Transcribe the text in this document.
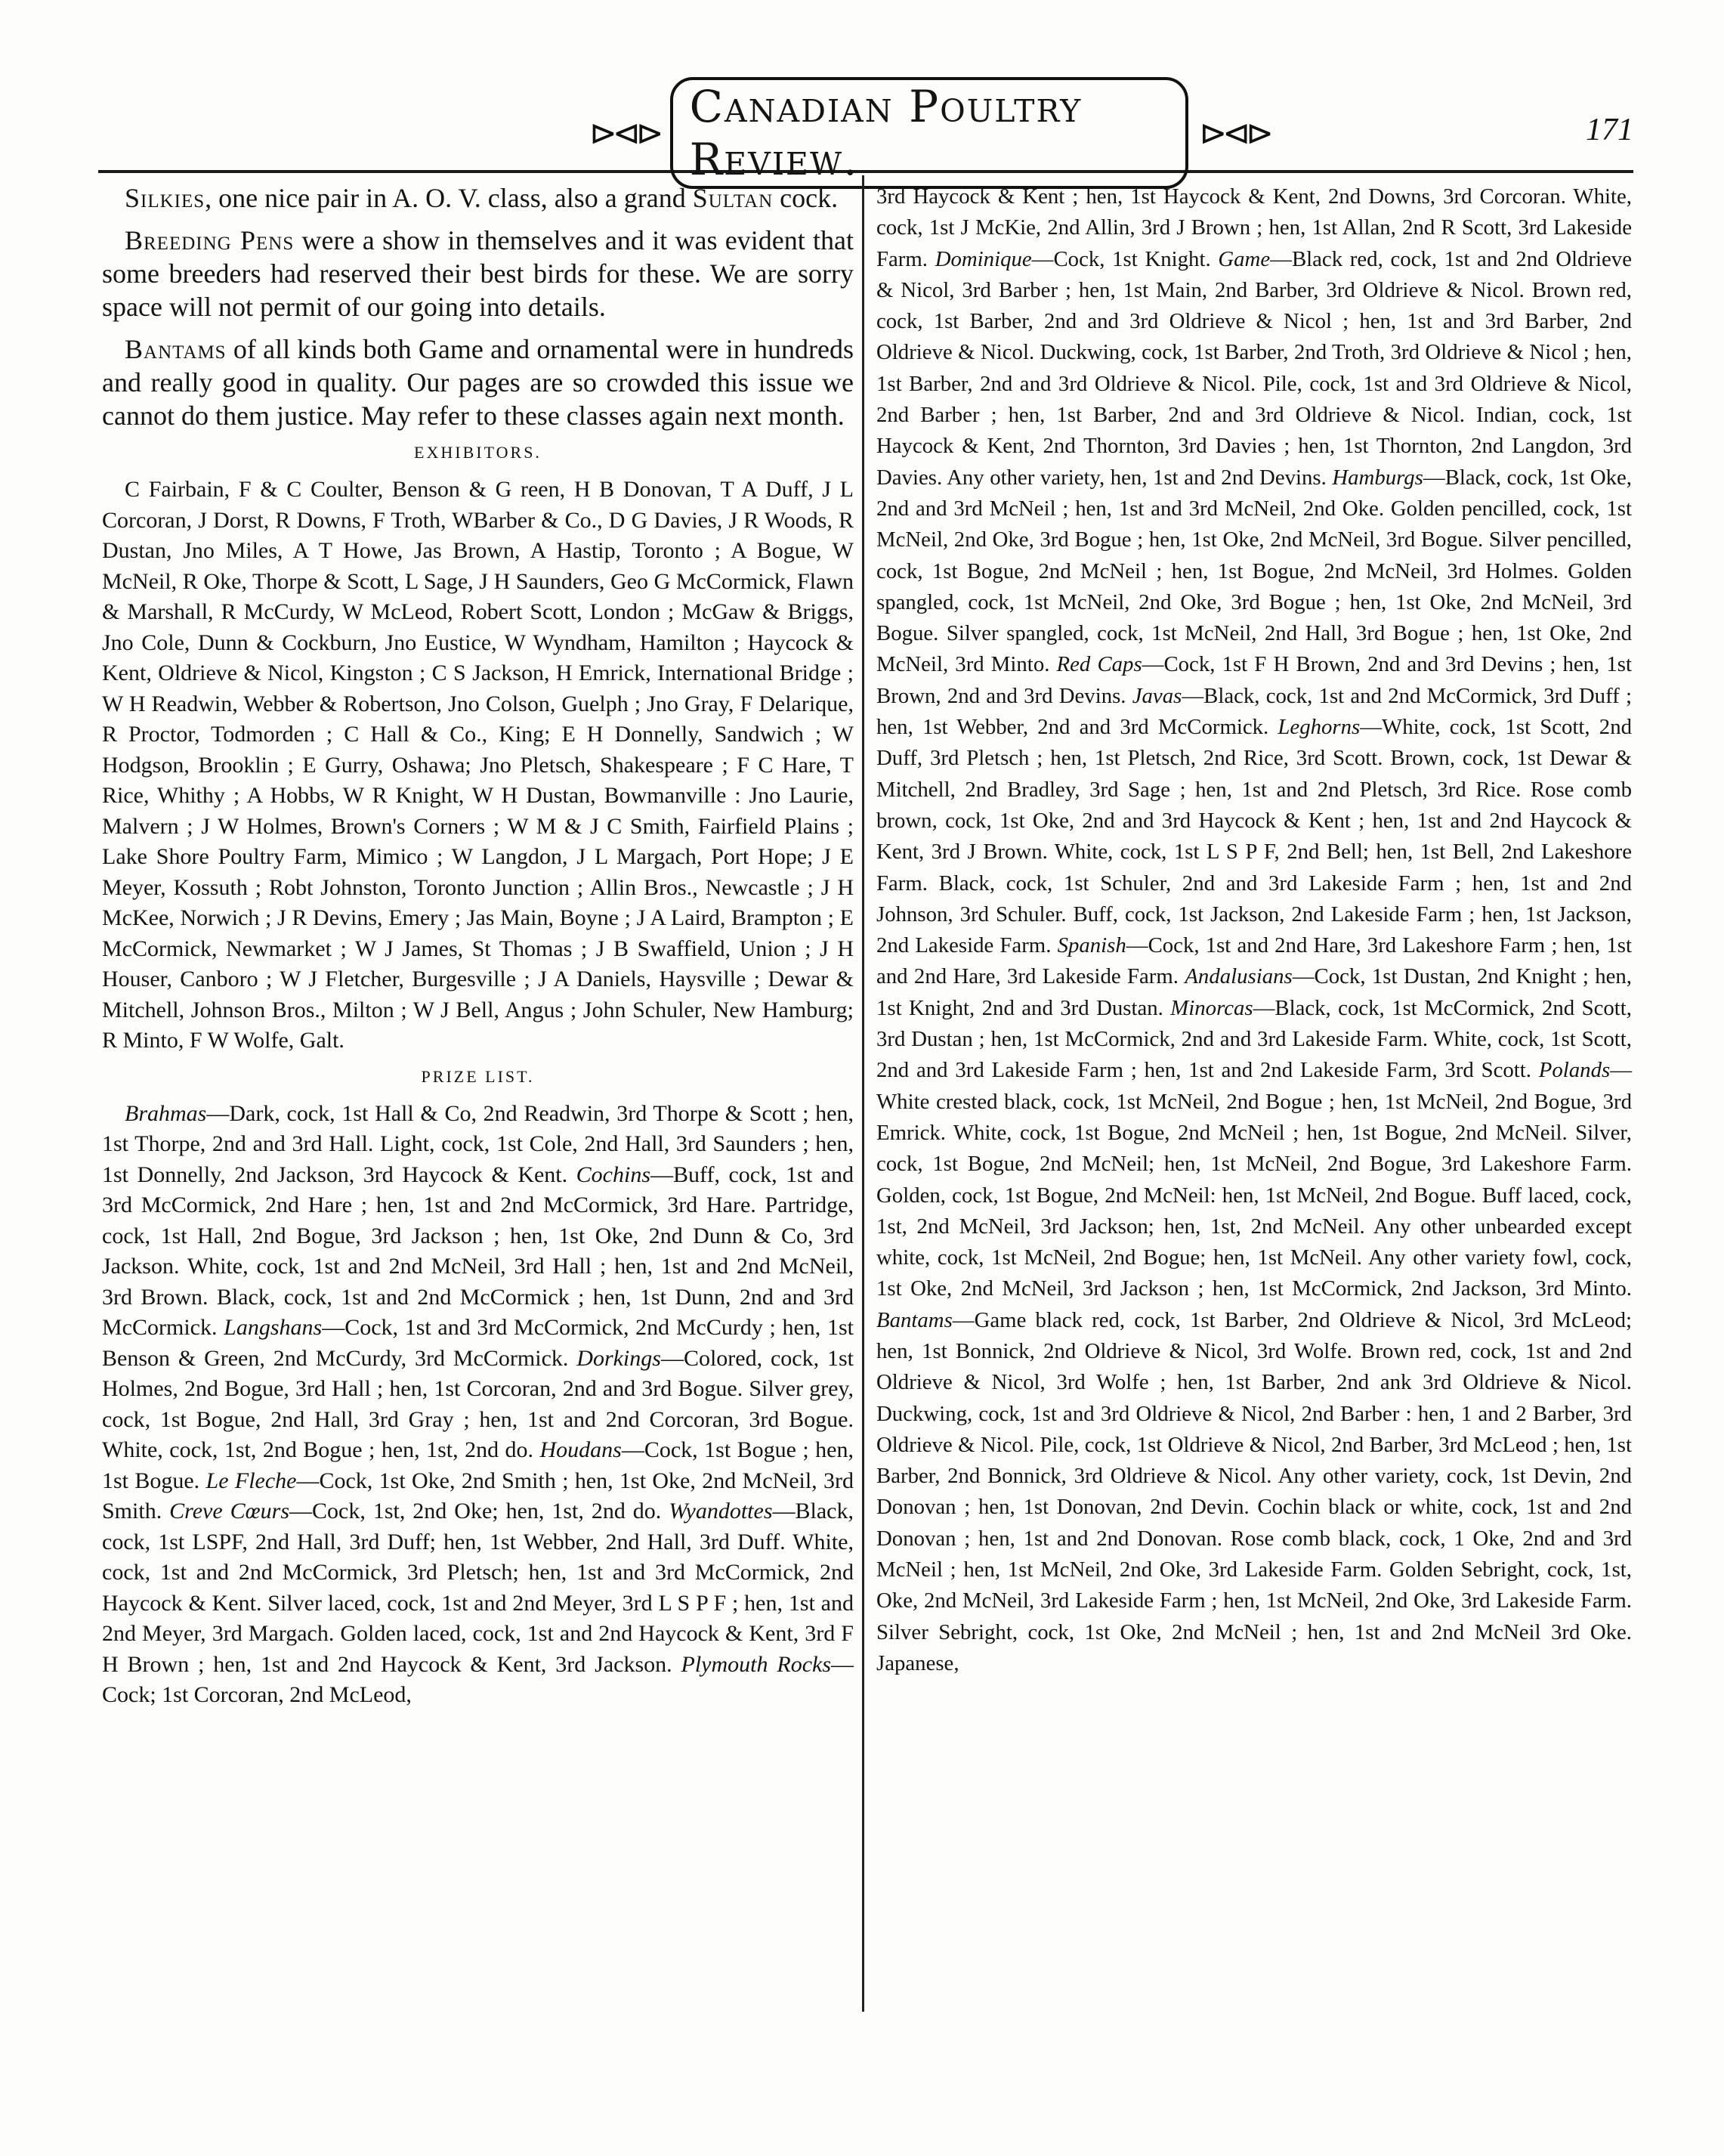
⊳⊲⊳
Canadian Poultry Review.
⊳⊲⊳	171

Silkies, one nice pair in A. O. V. class, also a grand Sultan cock.

Breeding Pens were a show in themselves and it was evident that some breeders had reserved their best birds for these. We are sorry space will not permit of our going into details.

Bantams of all kinds both Game and ornamental were in hundreds and really good in quality. Our pages are so crowded this issue we cannot do them justice. May refer to these classes again next month.

EXHIBITORS.

C Fairbain, F & C Coulter, Benson & G reen, H B Donovan, T A Duff, J L Corcoran, J Dorst, R Downs, F Troth, WBarber & Co., D G Davies, J R Woods, R Dustan, Jno Miles, A T Howe, Jas Brown, A Hastip, Toronto ; A Bogue, W McNeil, R Oke, Thorpe & Scott, L Sage, J H Saunders, Geo G McCormick, Flawn & Marshall, R McCurdy, W McLeod, Robert Scott, London ; McGaw & Briggs, Jno Cole, Dunn & Cockburn, Jno Eustice, W Wyndham, Hamilton ; Haycock & Kent, Oldrieve & Nicol, Kingston ; C S Jackson, H Emrick, International Bridge ; W H Readwin, Webber & Robertson, Jno Colson, Guelph ; Jno Gray, F Delarique, R Proctor, Todmorden ; C Hall & Co., King; E H Donnelly, Sandwich ; W Hodgson, Brooklin ; E Gurry, Oshawa; Jno Pletsch, Shakespeare ; F C Hare, T Rice, Whithy ; A Hobbs, W R Knight, W H Dustan, Bowmanville : Jno Laurie, Malvern ; J W Holmes, Brown's Corners ; W M & J C Smith, Fairfield Plains ; Lake Shore Poultry Farm, Mimico ; W Langdon, J L Margach, Port Hope; J E Meyer, Kossuth ; Robt Johnston, Toronto Junction ; Allin Bros., Newcastle ; J H McKee, Norwich ; J R Devins, Emery ; Jas Main, Boyne ; J A Laird, Brampton ; E McCormick, Newmarket ; W J James, St Thomas ; J B Swaffield, Union ; J H Houser, Canboro ; W J Fletcher, Burgesville ; J A Daniels, Haysville ; Dewar & Mitchell, Johnson Bros., Milton ; W J Bell, Angus ; John Schuler, New Hamburg; R Minto, F W Wolfe, Galt.

PRIZE LIST.

Brahmas—Dark, cock, 1st Hall & Co, 2nd Readwin, 3rd Thorpe & Scott ; hen, 1st Thorpe, 2nd and 3rd Hall. Light, cock, 1st Cole, 2nd Hall, 3rd Saunders ; hen, 1st Donnelly, 2nd Jackson, 3rd Haycock & Kent. Cochins—Buff, cock, 1st and 3rd McCormick, 2nd Hare ; hen, 1st and 2nd McCormick, 3rd Hare. Partridge, cock, 1st Hall, 2nd Bogue, 3rd Jackson ; hen, 1st Oke, 2nd Dunn & Co, 3rd Jackson. White, cock, 1st and 2nd McNeil, 3rd Hall ; hen, 1st and 2nd McNeil, 3rd Brown. Black, cock, 1st and 2nd McCormick ; hen, 1st Dunn, 2nd and 3rd McCormick. Langshans—Cock, 1st and 3rd McCormick, 2nd McCurdy ; hen, 1st Benson & Green, 2nd McCurdy, 3rd McCormick. Dorkings—Colored, cock, 1st Holmes, 2nd Bogue, 3rd Hall ; hen, 1st Corcoran, 2nd and 3rd Bogue. Silver grey, cock, 1st Bogue, 2nd Hall, 3rd Gray ; hen, 1st and 2nd Corcoran, 3rd Bogue. White, cock, 1st, 2nd Bogue ; hen, 1st, 2nd do. Houdans—Cock, 1st Bogue ; hen, 1st Bogue. Le Fleche—Cock, 1st Oke, 2nd Smith ; hen, 1st Oke, 2nd McNeil, 3rd Smith. Creve Cœurs—Cock, 1st, 2nd Oke; hen, 1st, 2nd do. Wyandottes—Black, cock, 1st LSPF, 2nd Hall, 3rd Duff; hen, 1st Webber, 2nd Hall, 3rd Duff. White, cock, 1st and 2nd McCormick, 3rd Pletsch; hen, 1st and 3rd McCormick, 2nd Haycock & Kent. Silver laced, cock, 1st and 2nd Meyer, 3rd L S P F ; hen, 1st and 2nd Meyer, 3rd Margach. Golden laced, cock, 1st and 2nd Haycock & Kent, 3rd F H Brown ; hen, 1st and 2nd Haycock & Kent, 3rd Jackson. Plymouth Rocks—Cock; 1st Corcoran, 2nd McLeod,

3rd Haycock & Kent ; hen, 1st Haycock & Kent, 2nd Downs, 3rd Corcoran. White, cock, 1st J McKie, 2nd Allin, 3rd J Brown ; hen, 1st Allan, 2nd R Scott, 3rd Lakeside Farm. Dominique—Cock, 1st Knight. Game—Black red, cock, 1st and 2nd Oldrieve & Nicol, 3rd Barber ; hen, 1st Main, 2nd Barber, 3rd Oldrieve & Nicol. Brown red, cock, 1st Barber, 2nd and 3rd Oldrieve & Nicol ; hen, 1st and 3rd Barber, 2nd Oldrieve & Nicol. Duckwing, cock, 1st Barber, 2nd Troth, 3rd Oldrieve & Nicol ; hen, 1st Barber, 2nd and 3rd Oldrieve & Nicol. Pile, cock, 1st and 3rd Oldrieve & Nicol, 2nd Barber ; hen, 1st Barber, 2nd and 3rd Oldrieve & Nicol. Indian, cock, 1st Haycock & Kent, 2nd Thornton, 3rd Davies ; hen, 1st Thornton, 2nd Langdon, 3rd Davies. Any other variety, hen, 1st and 2nd Devins. Hamburgs—Black, cock, 1st Oke, 2nd and 3rd McNeil ; hen, 1st and 3rd McNeil, 2nd Oke. Golden pencilled, cock, 1st McNeil, 2nd Oke, 3rd Bogue ; hen, 1st Oke, 2nd McNeil, 3rd Bogue. Silver pencilled, cock, 1st Bogue, 2nd McNeil ; hen, 1st Bogue, 2nd McNeil, 3rd Holmes. Golden spangled, cock, 1st McNeil, 2nd Oke, 3rd Bogue ; hen, 1st Oke, 2nd McNeil, 3rd Bogue. Silver spangled, cock, 1st McNeil, 2nd Hall, 3rd Bogue ; hen, 1st Oke, 2nd McNeil, 3rd Minto. Red Caps—Cock, 1st F H Brown, 2nd and 3rd Devins ; hen, 1st Brown, 2nd and 3rd Devins. Javas—Black, cock, 1st and 2nd McCormick, 3rd Duff ; hen, 1st Webber, 2nd and 3rd McCormick. Leghorns—White, cock, 1st Scott, 2nd Duff, 3rd Pletsch ; hen, 1st Pletsch, 2nd Rice, 3rd Scott. Brown, cock, 1st Dewar & Mitchell, 2nd Bradley, 3rd Sage ; hen, 1st and 2nd Pletsch, 3rd Rice. Rose comb brown, cock, 1st Oke, 2nd and 3rd Haycock & Kent ; hen, 1st and 2nd Haycock & Kent, 3rd J Brown. White, cock, 1st L S P F, 2nd Bell; hen, 1st Bell, 2nd Lakeshore Farm. Black, cock, 1st Schuler, 2nd and 3rd Lakeside Farm ; hen, 1st and 2nd Johnson, 3rd Schuler. Buff, cock, 1st Jackson, 2nd Lakeside Farm ; hen, 1st Jackson, 2nd Lakeside Farm. Spanish—Cock, 1st and 2nd Hare, 3rd Lakeshore Farm ; hen, 1st and 2nd Hare, 3rd Lakeside Farm. Andalusians—Cock, 1st Dustan, 2nd Knight ; hen, 1st Knight, 2nd and 3rd Dustan. Minorcas—Black, cock, 1st McCormick, 2nd Scott, 3rd Dustan ; hen, 1st McCormick, 2nd and 3rd Lakeside Farm. White, cock, 1st Scott, 2nd and 3rd Lakeside Farm ; hen, 1st and 2nd Lakeside Farm, 3rd Scott. Polands—White crested black, cock, 1st McNeil, 2nd Bogue ; hen, 1st McNeil, 2nd Bogue, 3rd Emrick. White, cock, 1st Bogue, 2nd McNeil ; hen, 1st Bogue, 2nd McNeil. Silver, cock, 1st Bogue, 2nd McNeil; hen, 1st McNeil, 2nd Bogue, 3rd Lakeshore Farm. Golden, cock, 1st Bogue, 2nd McNeil: hen, 1st McNeil, 2nd Bogue. Buff laced, cock, 1st, 2nd McNeil, 3rd Jackson; hen, 1st, 2nd McNeil. Any other unbearded except white, cock, 1st McNeil, 2nd Bogue; hen, 1st McNeil. Any other variety fowl, cock, 1st Oke, 2nd McNeil, 3rd Jackson ; hen, 1st McCormick, 2nd Jackson, 3rd Minto. Bantams—Game black red, cock, 1st Barber, 2nd Oldrieve & Nicol, 3rd McLeod; hen, 1st Bonnick, 2nd Oldrieve & Nicol, 3rd Wolfe. Brown red, cock, 1st and 2nd Oldrieve & Nicol, 3rd Wolfe ; hen, 1st Barber, 2nd ank 3rd Oldrieve & Nicol. Duckwing, cock, 1st and 3rd Oldrieve & Nicol, 2nd Barber : hen, 1 and 2 Barber, 3rd Oldrieve & Nicol. Pile, cock, 1st Oldrieve & Nicol, 2nd Barber, 3rd McLeod ; hen, 1st Barber, 2nd Bonnick, 3rd Oldrieve & Nicol. Any other variety, cock, 1st Devin, 2nd Donovan ; hen, 1st Donovan, 2nd Devin. Cochin black or white, cock, 1st and 2nd Donovan ; hen, 1st and 2nd Donovan. Rose comb black, cock, 1 Oke, 2nd and 3rd McNeil ; hen, 1st McNeil, 2nd Oke, 3rd Lakeside Farm. Golden Sebright, cock, 1st, Oke, 2nd McNeil, 3rd Lakeside Farm ; hen, 1st McNeil, 2nd Oke, 3rd Lakeside Farm. Silver Sebright, cock, 1st Oke, 2nd McNeil ; hen, 1st and 2nd McNeil 3rd Oke. Japanese,
